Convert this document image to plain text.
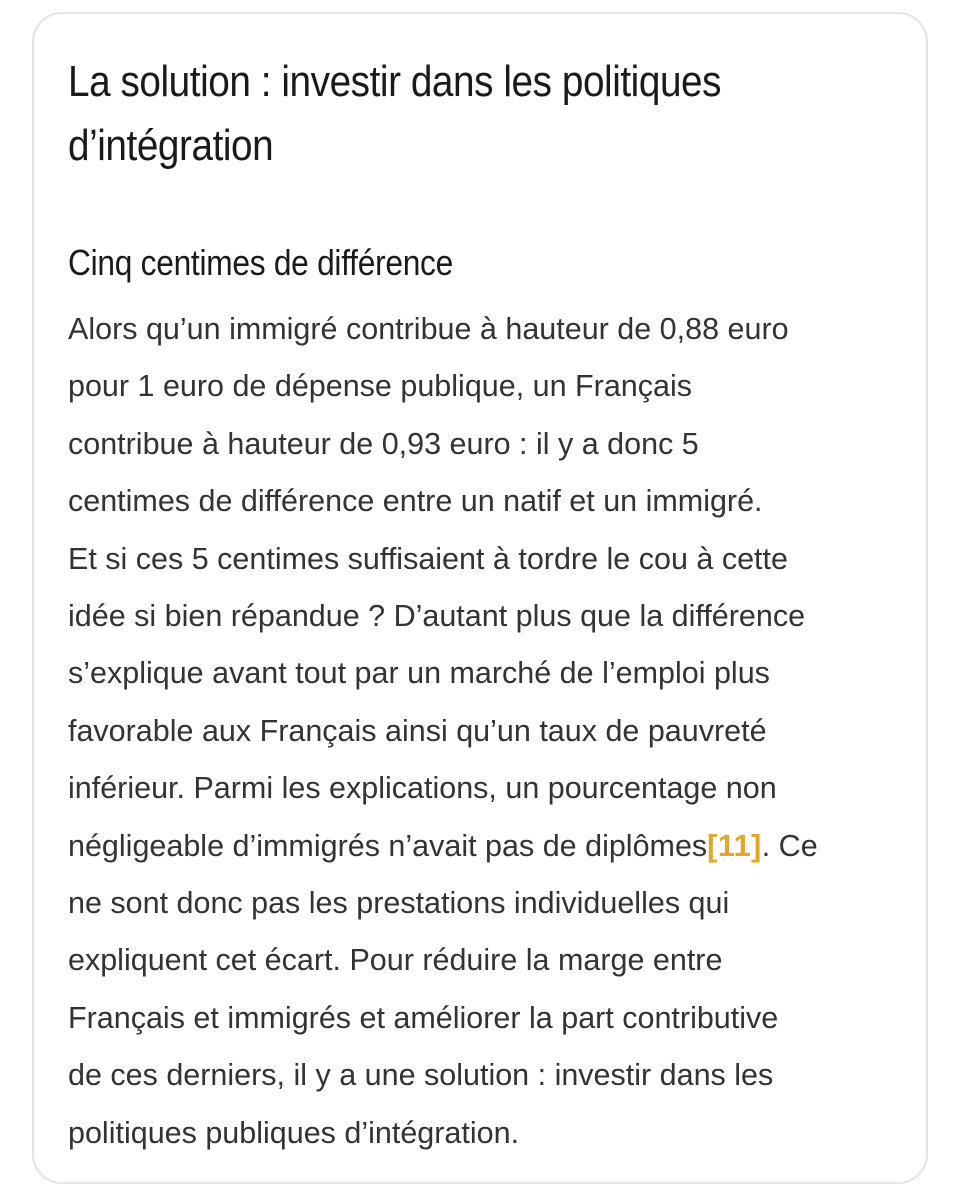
La solution : investir dans les politiques
d’intégration
Cinq centimes de différence

Alors qu’un immigré contribue à hauteur de 0,88 euro
pour 1 euro de dépense publique, un Français
contribue à hauteur de 0,93 euro : il y a donc 5
centimes de différence entre un natif et un immigré.
Et si ces 5 centimes suffisaient à tordre le cou à cette
idée si bien répandue ? D’autant plus que la différence
s’explique avant tout par un marché de l’emploi plus
favorable aux Français ainsi qu’un taux de pauvreté
inférieur. Parmi les explications, un pourcentage non
négligeable d’immigrés n’avait pas de diplômes[11]. Ce
ne sont donc pas les prestations individuelles qui
expliquent cet écart. Pour réduire la marge entre
Français et immigrés et améliorer la part contributive
de ces derniers, il y a une solution : investir dans les
politiques publiques d’intégration.
